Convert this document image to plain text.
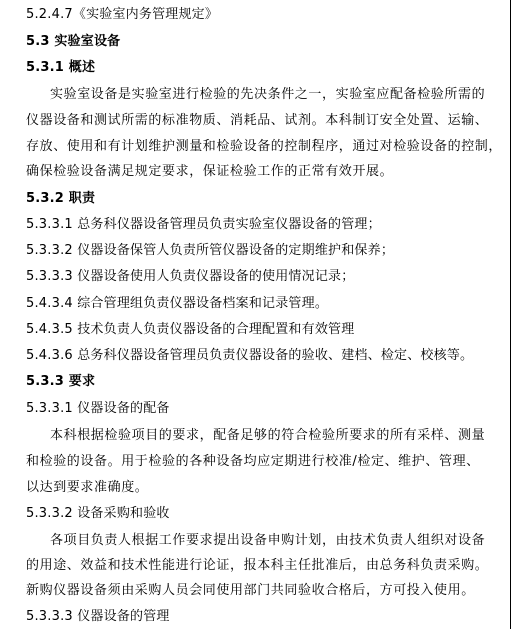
5.2.4.7《实验室内务管理规定》
5.3 实验室设备
5.3.1 概述
实验室设备是实验室进行检验的先决条件之一，实验室应配备检验所需的
仪器设备和测试所需的标准物质、消耗品、试剂。本科制订安全处置、运输、
存放、使用和有计划维护测量和检验设备的控制程序，通过对检验设备的控制，
确保检验设备满足规定要求，保证检验工作的正常有效开展。
5.3.2 职责
5.3.3.1 总务科仪器设备管理员负责实验室仪器设备的管理；
5.3.3.2 仪器设备保管人负责所管仪器设备的定期维护和保养；
5.3.3.3 仪器设备使用人负责仪器设备的使用情况记录；
5.4.3.4 综合管理组负责仪器设备档案和记录管理。
5.4.3.5 技术负责人负责仪器设备的合理配置和有效管理
5.4.3.6 总务科仪器设备管理员负责仪器设备的验收、建档、检定、校核等。
5.3.3 要求
5.3.3.1 仪器设备的配备
本科根据检验项目的要求，配备足够的符合检验所要求的所有采样、测量
和检验的设备。用于检验的各种设备均应定期进行校准/检定、维护、管理、
以达到要求准确度。
5.3.3.2 设备采购和验收
各项目负责人根据工作要求提出设备申购计划，由技术负责人组织对设备
的用途、效益和技术性能进行论证，报本科主任批准后，由总务科负责采购。
新购仪器设备须由采购人员会同使用部门共同验收合格后，方可投入使用。
5.3.3.3 仪器设备的管理
